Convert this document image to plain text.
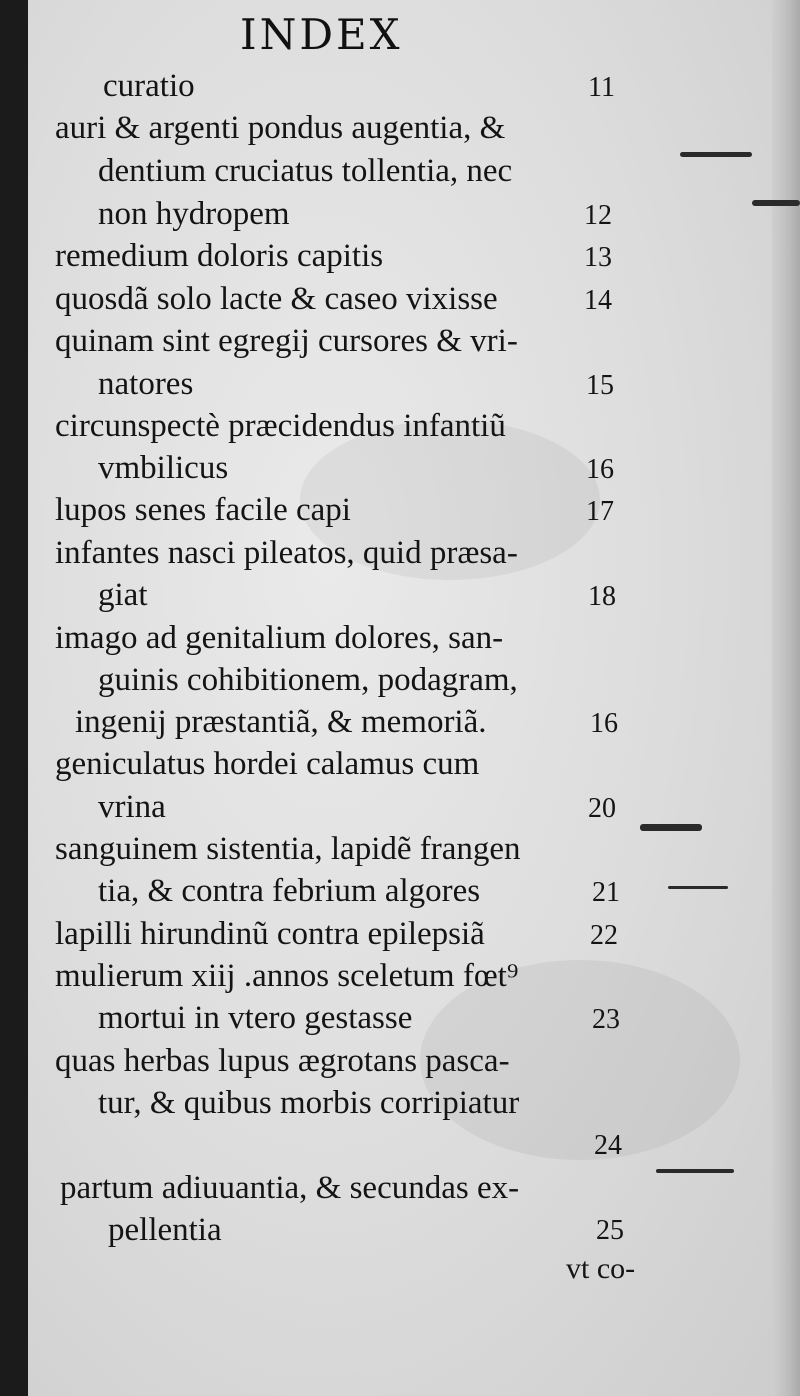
INDEX
curatio
auri & argenti pondus augentia, &
dentium cruciatus tollentia, nec
non hydropem
remedium doloris capitis
quosdã solo lacte & caseo vixisse
quinam sint egregij cursores & vri-
natores
circunspectè præcidendus infantiũ
vmbilicus
lupos senes facile capi
infantes nasci pileatos, quid præsa-
giat
imago ad genitalium dolores, san-
guinis cohibitionem, podagram,
ingenij præstantiã, & memoriã.
geniculatus hordei calamus cum
vrina
sanguinem sistentia, lapidẽ frangen
tia, & contra febrium algores
lapilli hirundinũ contra epilepsiã
mulierum xiij .annos sceletum fœt⁹
mortui in vtero gestasse
quas herbas lupus ægrotans pasca-
tur, & quibus morbis corripiatur
partum adiuuantia, & secundas ex-
pellentia
11
12
13
14
15
16
17
18
16
20
21
22
23
24
25
vt co-
